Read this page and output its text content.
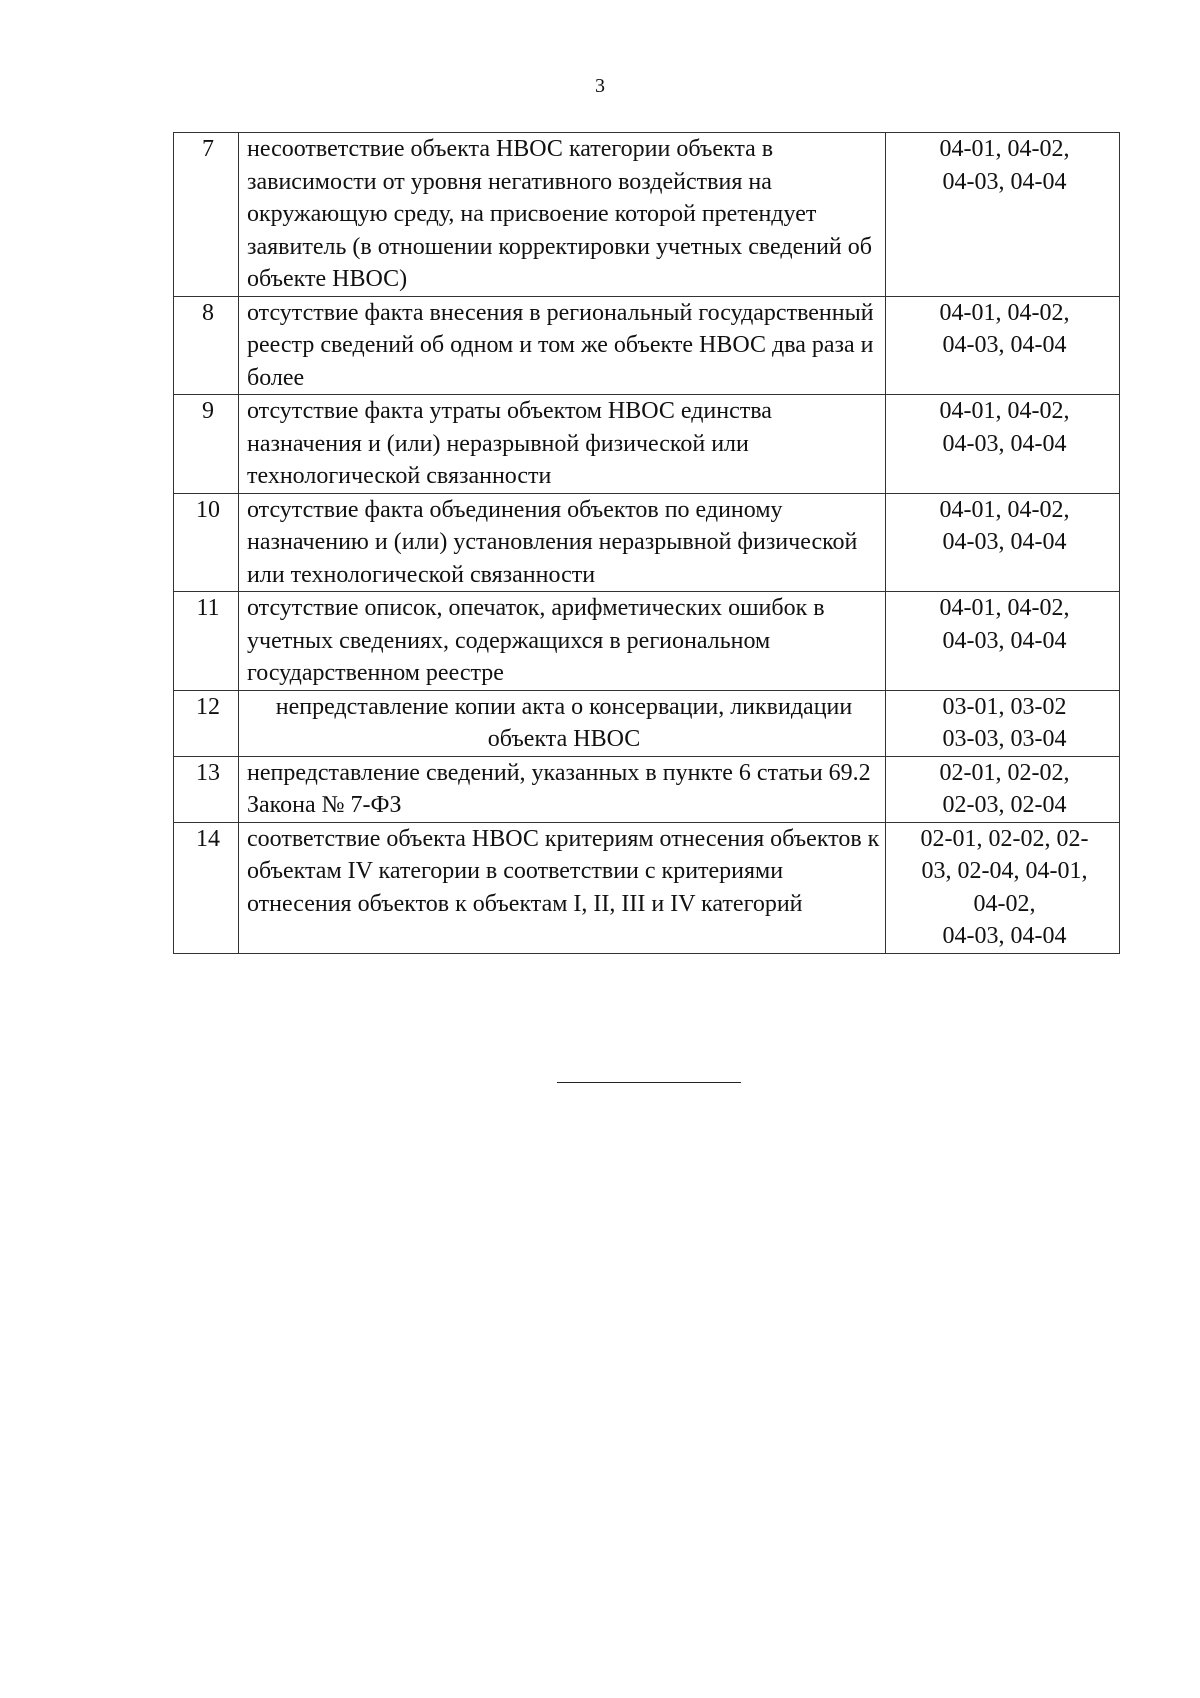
3
7	несоответствие объекта НВОС категории объекта в зависимости от уровня негативного воздействия на окружающую среду, на присвоение которой претендует заявитель (в отношении корректировки учетных сведений об объекте НВОС)	04-01, 04-02,
04-03, 04-04

8	отсутствие факта внесения в региональный государственный реестр сведений об одном и том же объекте НВОС два раза и более	04-01, 04-02,
04-03, 04-04

9	отсутствие факта утраты объектом НВОС единства назначения и (или) неразрывной физической или технологической связанности	04-01, 04-02,
04-03, 04-04

10	отсутствие факта объединения объектов по единому назначению и (или) установления неразрывной физической или технологической связанности	04-01, 04-02,
04-03, 04-04

11	отсутствие описок, опечаток, арифметических ошибок в учетных сведениях, содержащихся в региональном государственном реестре	04-01, 04-02,
04-03, 04-04

12	непредставление копии акта о консервации, ликвидации объекта НВОС	03-01, 03-02
03-03, 03-04

13	непредставление сведений, указанных в пункте 6 статьи 69.2 Закона № 7-ФЗ	02-01, 02-02,
02-03, 02-04

14	соответствие объекта НВОС критериям отнесения объектов к объектам IV категории в соответствии с критериями отнесения объектов к объектам I, II, III и IV категорий	02-01, 02-02, 02-
03, 02-04, 04-01,
04-02,
04-03, 04-04
